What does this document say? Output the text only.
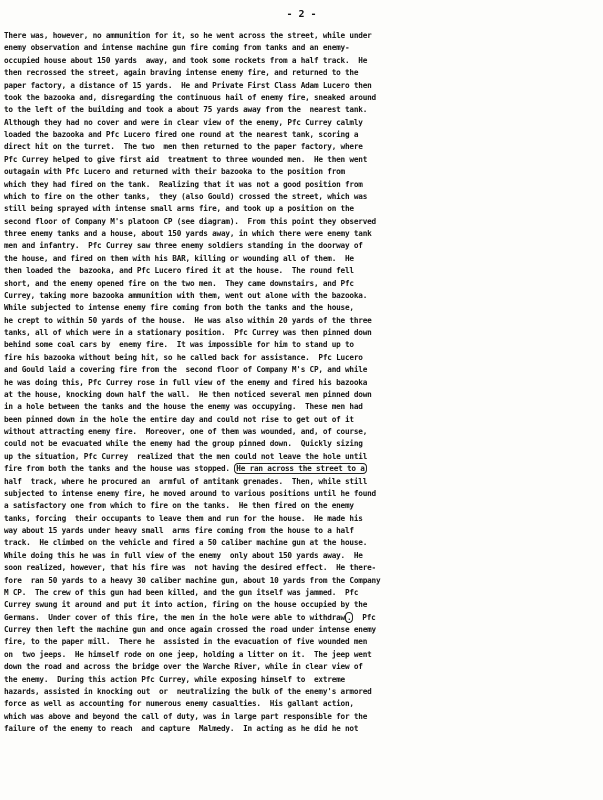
- 2 -
There was, however, no ammunition for it, so he went across the street, while under
enemy observation and intense machine gun fire coming from tanks and an enemy-
occupied house about 150 yards  away, and took some rockets from a half track.  He
then recrossed the street, again braving intense enemy fire, and returned to the
paper factory, a distance of 15 yards.  He and Private First Class Adam Lucero then
took the bazooka and, disregarding the continuous hail of enemy fire, sneaked around
to the left of the building and took a about 75 yards away from the  nearest tank.
Although they had no cover and were in clear view of the enemy, Pfc Currey calmly
loaded the bazooka and Pfc Lucero fired one round at the nearest tank, scoring a
direct hit on the turret.  The two  men then returned to the paper factory, where
Pfc Currey helped to give first aid  treatment to three wounded men.  He then went
outagain with Pfc Lucero and returned with their bazooka to the position from
which they had fired on the tank.  Realizing that it was not a good position from
which to fire on the other tanks,  they (also Gould) crossed the street, which was
still being sprayed with intense small arms fire, and took up a position on the
second floor of Company M's platoon CP (see diagram).  From this point they observed
three enemy tanks and a house, about 150 yards away, in which there were enemy tank
men and infantry.  Pfc Currey saw three enemy soldiers standing in the doorway of
the house, and fired on them with his BAR, killing or wounding all of them.  He
then loaded the  bazooka, and Pfc Lucero fired it at the house.  The round fell
short, and the enemy opened fire on the two men.  They came downstairs, and Pfc
Currey, taking more bazooka ammunition with them, went out alone with the bazooka.
While subjected to intense enemy fire coming from both the tanks and the house,
he crept to within 50 yards of the house.  He was also within 20 yards of the three
tanks, all of which were in a stationary position.  Pfc Currey was then pinned down
behind some coal cars by  enemy fire.  It was impossible for him to stand up to
fire his bazooka without being hit, so he called back for assistance.  Pfc Lucero
and Gould laid a covering fire from the  second floor of Company M's CP, and while
he was doing this, Pfc Currey rose in full view of the enemy and fired his bazooka
at the house, knocking down half the wall.  He then noticed several men pinned down
in a hole between the tanks and the house the enemy was occupying.  These men had
been pinned down in the hole the entire day and could not rise to get out of it
without attracting enemy fire.  Moreover, one of them was wounded, and, of course,
could not be evacuated while the enemy had the group pinned down.  Quickly sizing
up the situation, Pfc Currey  realized that the men could not leave the hole until
fire from both the tanks and the house was stopped. He ran across the street to a
half  track, where he procured an  armful of antitank grenades.  Then, while still
subjected to intense enemy fire, he moved around to various positions until he found
a satisfactory one from which to fire on the tanks.  He then fired on the enemy
tanks, forcing  their occupants to leave them and run for the house.  He made his
way about 15 yards under heavy small  arms fire coming from the house to a half
track.  He climbed on the vehicle and fired a 50 caliber machine gun at the house.
While doing this he was in full view of the enemy  only about 150 yards away.  He
soon realized, however, that his fire was  not having the desired effect.  He there-
fore  ran 50 yards to a heavy 30 caliber machine gun, about 10 yards from the Company
M CP.  The crew of this gun had been killed, and the gun itself was jammed.  Pfc
Currey swung it around and put it into action, firing on the house occupied by the
Germans.  Under cover of this fire, the men in the hole were able to withdraw .  Pfc
Currey then left the machine gun and once again crossed the road under intense enemy
fire, to the paper mill.  There he  assisted in the evacuation of five wounded men
on  two jeeps.  He himself rode on one jeep, holding a litter on it.  The jeep went
down the road and across the bridge over the Warche River, while in clear view of
the enemy.  During this action Pfc Currey, while exposing himself to  extreme
hazards, assisted in knocking out  or  neutralizing the bulk of the enemy's armored
force as well as accounting for numerous enemy casualties.  His gallant action,
which was above and beyond the call of duty, was in large part responsible for the
failure of the enemy to reach  and capture  Malmedy.  In acting as he did he not
